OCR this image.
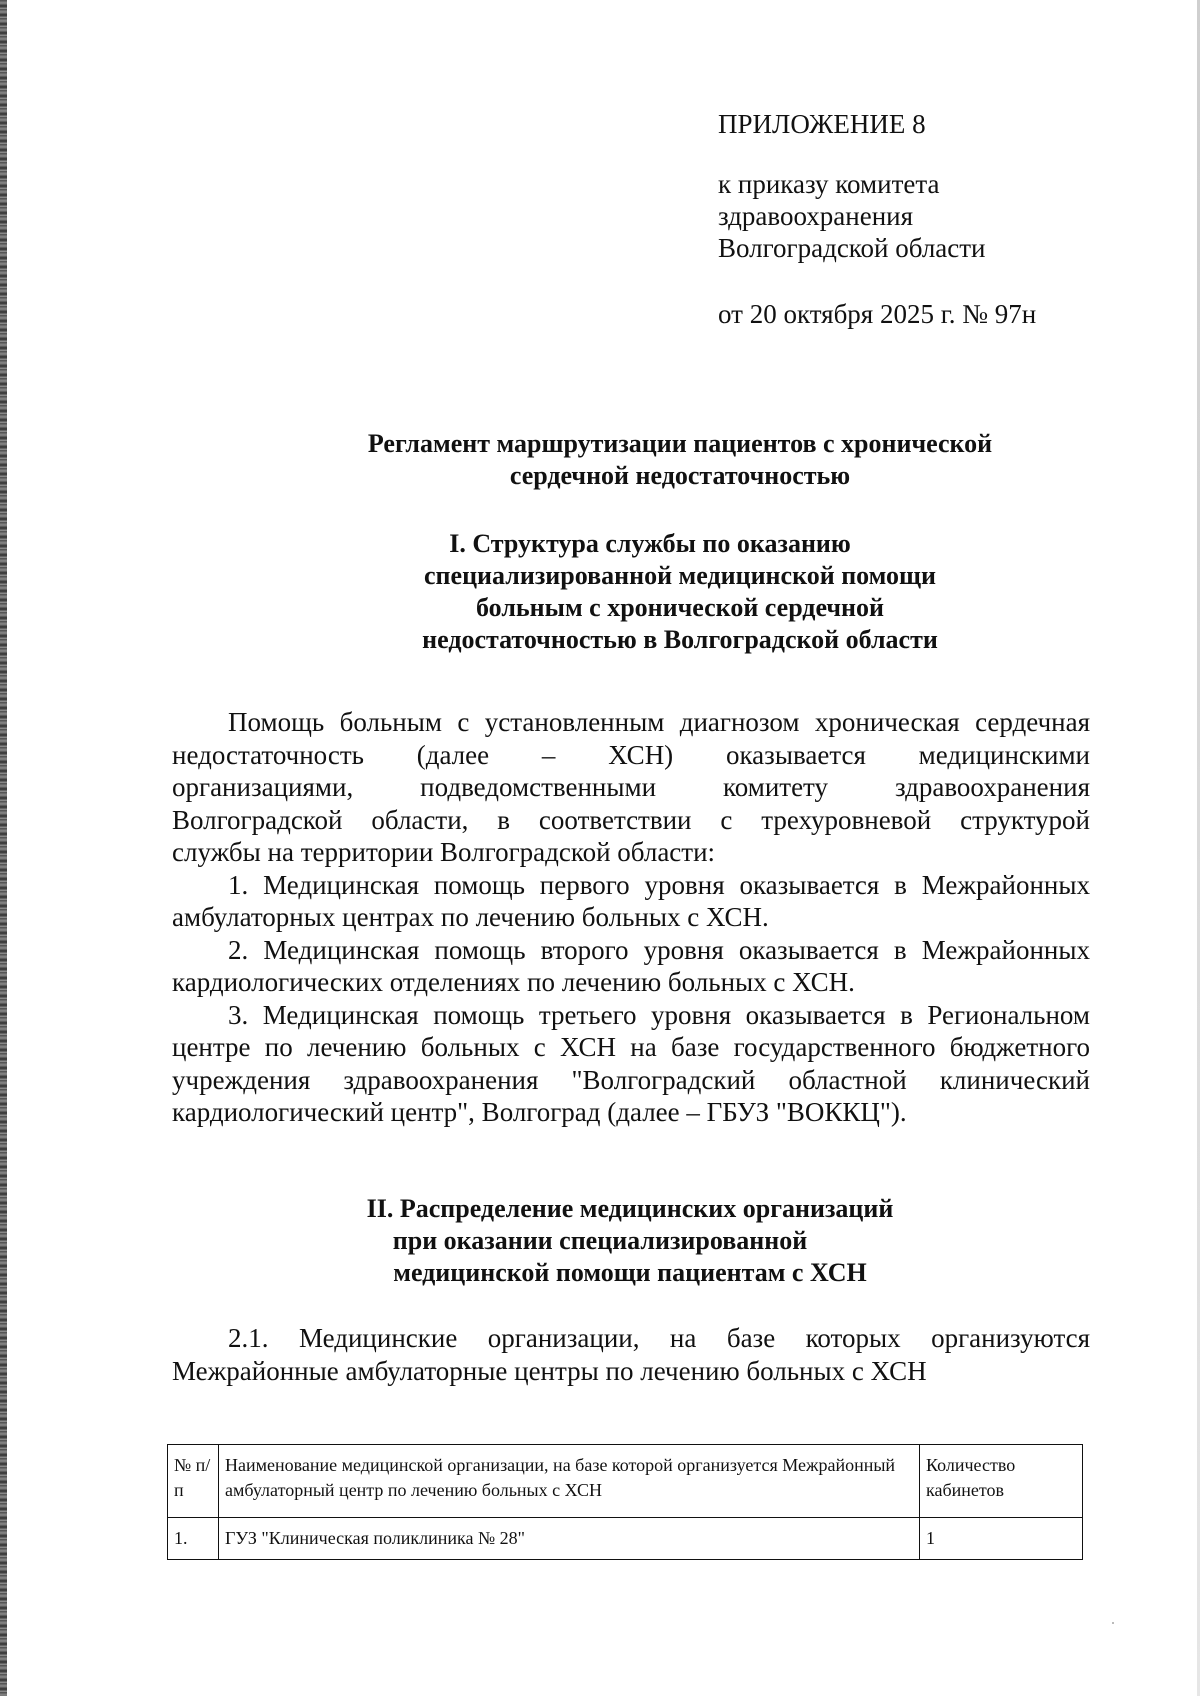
ПРИЛОЖЕНИЕ 8
к приказу комитета
здравоохранения
Волгоградской области
от 20 октября 2025 г. № 97н
Регламент маршрутизации пациентов с хронической
сердечной недостаточностью
I. Структура службы по оказанию
специализированной медицинской помощи
больным с хронической сердечной
недостаточностью в Волгоградской области
Помощь больным с установленным диагнозом хроническая сердечная
недостаточность (далее – ХСН) оказывается медицинскими
организациями, подведомственными комитету здравоохранения
Волгоградской области, в соответствии с трехуровневой структурой
службы на территории Волгоградской области:
1. Медицинская помощь первого уровня оказывается в Межрайонных
амбулаторных центрах по лечению больных с ХСН.
2. Медицинская помощь второго уровня оказывается в Межрайонных
кардиологических отделениях по лечению больных с ХСН.
3. Медицинская помощь третьего уровня оказывается в Региональном
центре по лечению больных с ХСН на базе государственного бюджетного
учреждения здравоохранения "Волгоградский областной клинический
кардиологический центр", Волгоград (далее – ГБУЗ "ВОККЦ").
II. Распределение медицинских организаций
при оказании специализированной
медицинской помощи пациентам с ХСН
2.1. Медицинские организации, на базе которых организуются
Межрайонные амбулаторные центры по лечению больных с ХСН
№ п/п	Наименование медицинской организации, на базе которой организуется Межрайонный амбулаторный центр по лечению больных с ХСН	Количество кабинетов
1.	ГУЗ "Клиническая поликлиника № 28"	1
